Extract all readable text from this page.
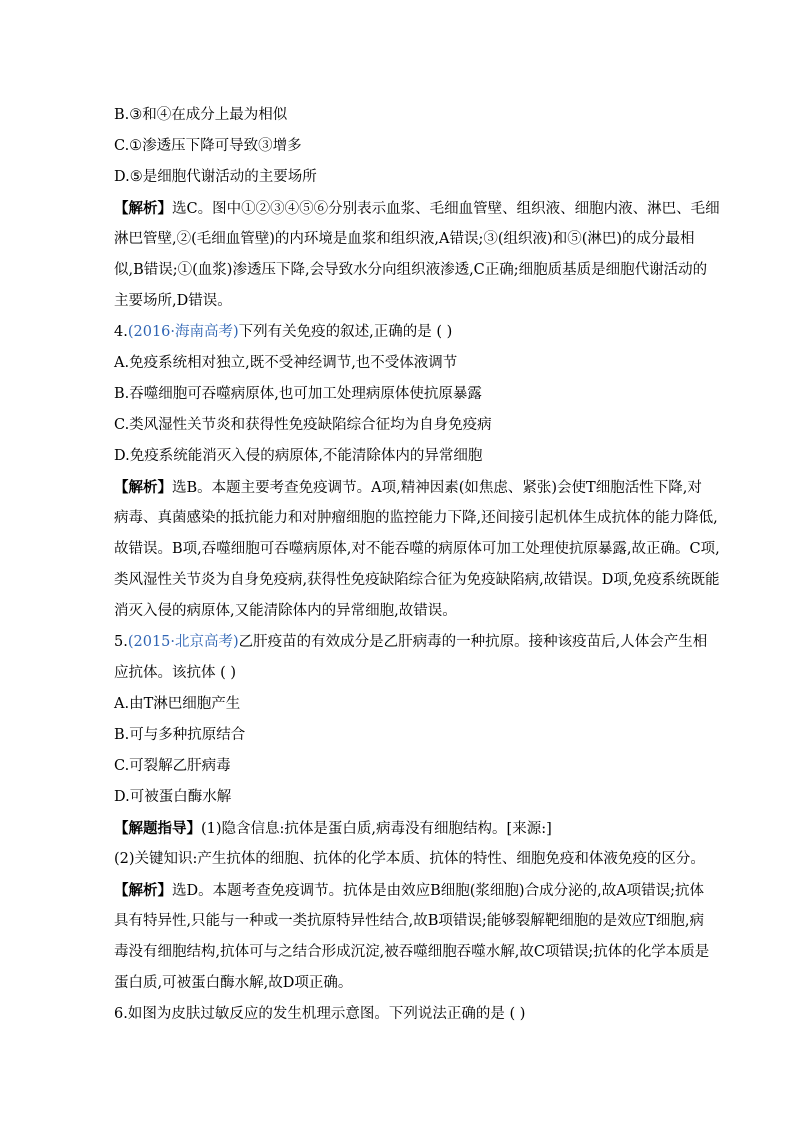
B.③和④在成分上最为相似
C.①渗透压下降可导致③增多
D.⑤是细胞代谢活动的主要场所
【解析】选C。图中①②③④⑤⑥分别表示血浆、毛细血管壁、组织液、细胞内液、淋巴、毛细
淋巴管壁,②(毛细血管壁)的内环境是血浆和组织液,A错误;③(组织液)和⑤(淋巴)的成分最相
似,B错误;①(血浆)渗透压下降,会导致水分向组织液渗透,C正确;细胞质基质是细胞代谢活动的
主要场所,D错误。
4.(2016·海南高考)下列有关免疫的叙述,正确的是 ( )
A.免疫系统相对独立,既不受神经调节,也不受体液调节
B.吞噬细胞可吞噬病原体,也可加工处理病原体使抗原暴露
C.类风湿性关节炎和获得性免疫缺陷综合征均为自身免疫病
D.免疫系统能消灭入侵的病原体,不能清除体内的异常细胞
【解析】选B。本题主要考查免疫调节。A项,精神因素(如焦虑、紧张)会使T细胞活性下降,对
病毒、真菌感染的抵抗能力和对肿瘤细胞的监控能力下降,还间接引起机体生成抗体的能力降低,
故错误。B项,吞噬细胞可吞噬病原体,对不能吞噬的病原体可加工处理使抗原暴露,故正确。C项,
类风湿性关节炎为自身免疫病,获得性免疫缺陷综合征为免疫缺陷病,故错误。D项,免疫系统既能
消灭入侵的病原体,又能清除体内的异常细胞,故错误。
5.(2015·北京高考)乙肝疫苗的有效成分是乙肝病毒的一种抗原。接种该疫苗后,人体会产生相
应抗体。该抗体 ( )
A.由T淋巴细胞产生
B.可与多种抗原结合
C.可裂解乙肝病毒
D.可被蛋白酶水解
【解题指导】(1)隐含信息:抗体是蛋白质,病毒没有细胞结构。[来源:]
(2)关键知识:产生抗体的细胞、抗体的化学本质、抗体的特性、细胞免疫和体液免疫的区分。
【解析】选D。本题考查免疫调节。抗体是由效应B细胞(浆细胞)合成分泌的,故A项错误;抗体
具有特异性,只能与一种或一类抗原特异性结合,故B项错误;能够裂解靶细胞的是效应T细胞,病
毒没有细胞结构,抗体可与之结合形成沉淀,被吞噬细胞吞噬水解,故C项错误;抗体的化学本质是
蛋白质,可被蛋白酶水解,故D项正确。
6.如图为皮肤过敏反应的发生机理示意图。下列说法正确的是 ( )
